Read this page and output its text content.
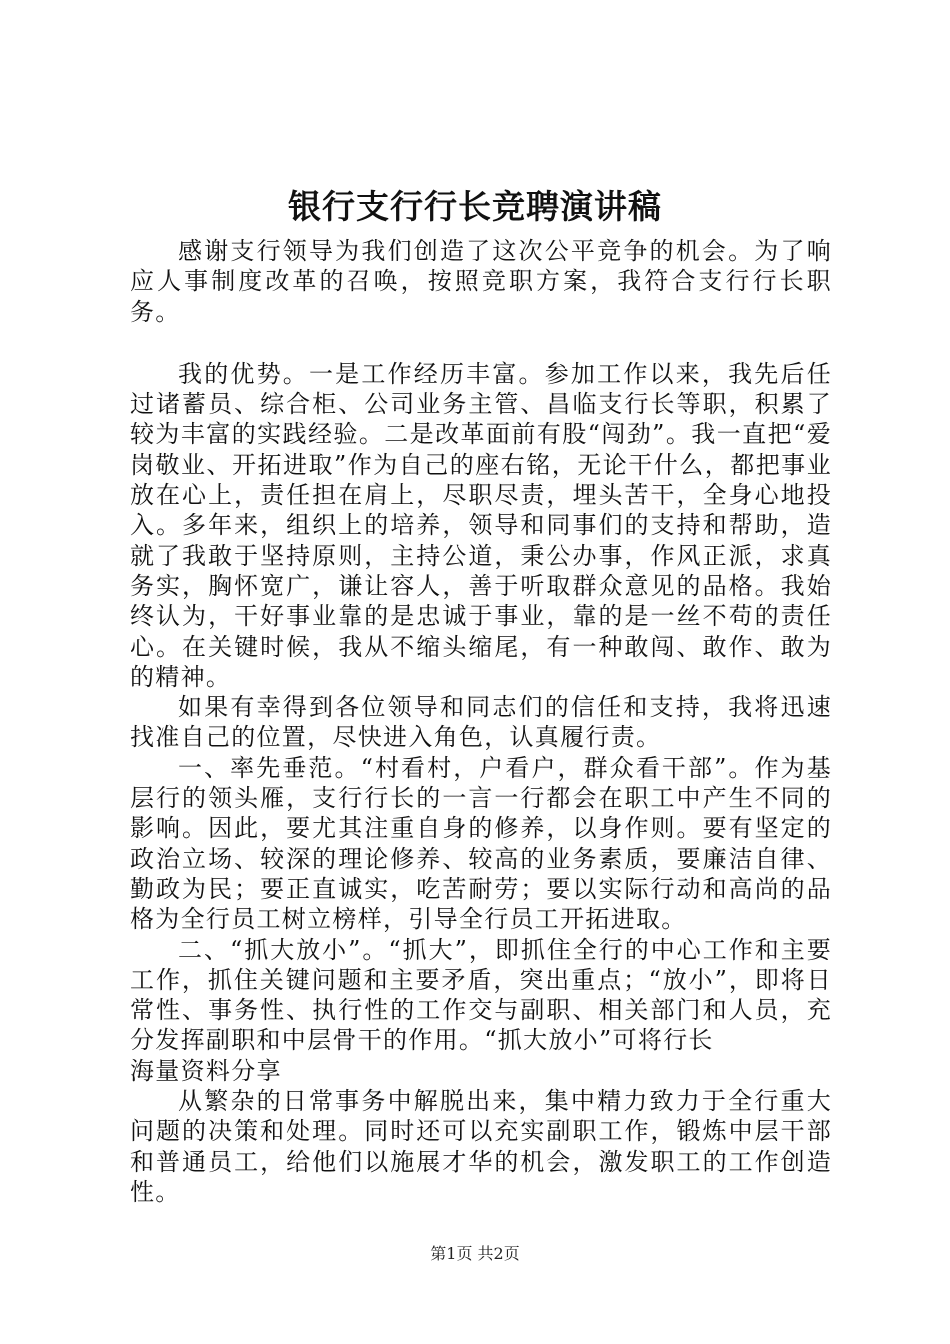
银行支行行长竞聘演讲稿

感谢支行领导为我们创造了这次公平竞争的机会。为了响应人事制度改革的召唤，按照竞职方案，我符合支行行长职务。

我的优势。一是工作经历丰富。参加工作以来，我先后任过诸蓄员、综合柜、公司业务主管、昌临支行长等职，积累了较为丰富的实践经验。二是改革面前有股“闯劲”。我一直把“爱岗敬业、开拓进取”作为自己的座右铭，无论干什么，都把事业放在心上，责任担在肩上，尽职尽责，埋头苦干，全身心地投入。多年来，组织上的培养，领导和同事们的支持和帮助，造就了我敢于坚持原则，主持公道，秉公办事，作风正派，求真务实，胸怀宽广，谦让容人，善于听取群众意见的品格。我始终认为，干好事业靠的是忠诚于事业，靠的是一丝不苟的责任心。在关键时候，我从不缩头缩尾，有一种敢闯、敢作、敢为的精神。

如果有幸得到各位领导和同志们的信任和支持，我将迅速找准自己的位置，尽快进入角色，认真履行责。

一、率先垂范。“村看村，户看户，群众看干部”。作为基层行的领头雁，支行行长的一言一行都会在职工中产生不同的影响。因此，要尤其注重自身的修养，以身作则。要有坚定的政治立场、较深的理论修养、较高的业务素质，要廉洁自律、勤政为民；要正直诚实，吃苦耐劳；要以实际行动和高尚的品格为全行员工树立榜样，引导全行员工开拓进取。

二、“抓大放小”。“抓大”，即抓住全行的中心工作和主要工作，抓住关键问题和主要矛盾，突出重点；“放小”，即将日常性、事务性、执行性的工作交与副职、相关部门和人员，充分发挥副职和中层骨干的作用。“抓大放小”可将行长

海量资料分享

从繁杂的日常事务中解脱出来，集中精力致力于全行重大问题的决策和处理。同时还可以充实副职工作，锻炼中层干部和普通员工，给他们以施展才华的机会，激发职工的工作创造性。

第1页 共2页
